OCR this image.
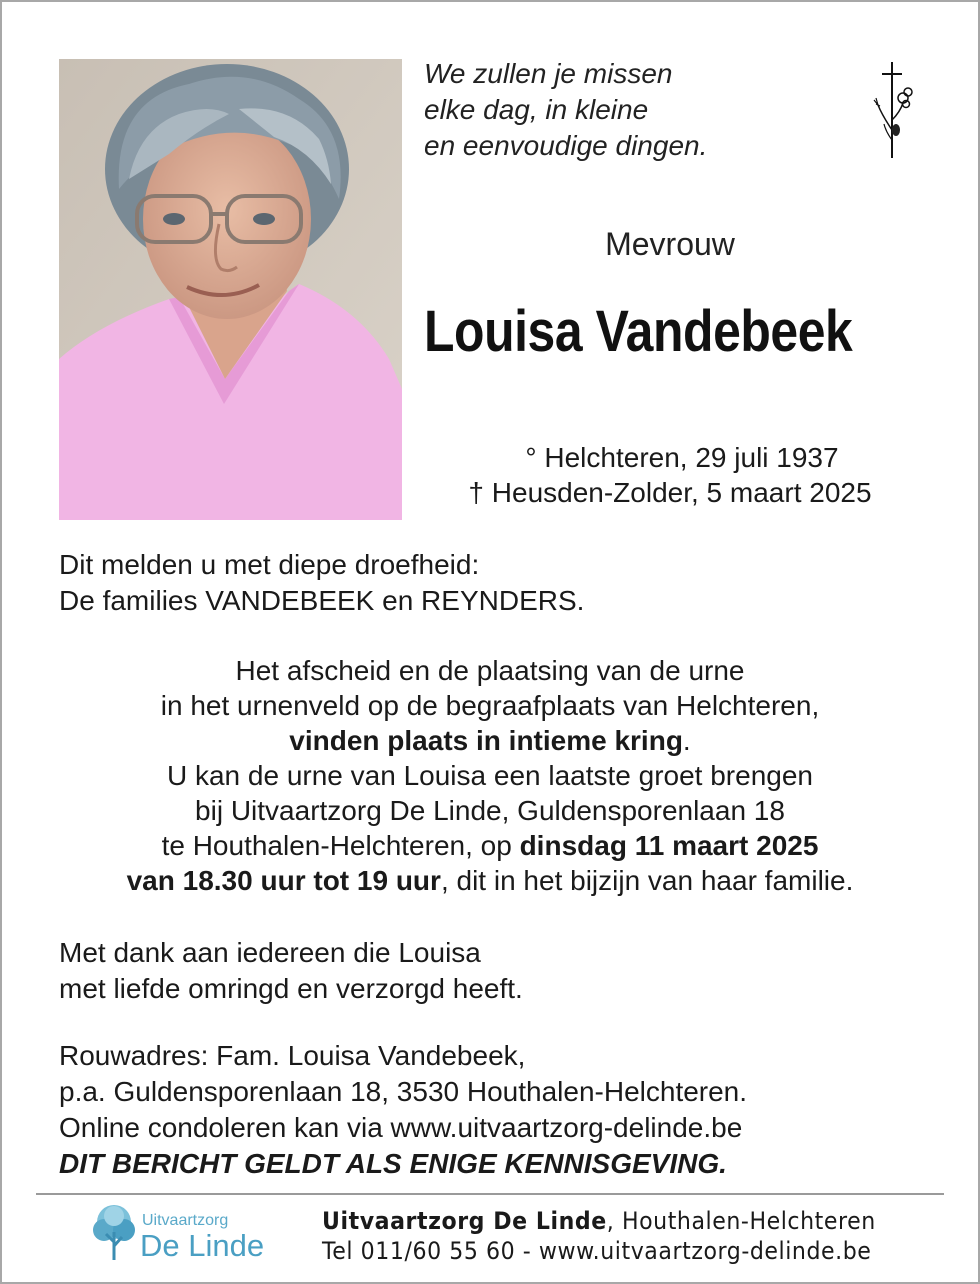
We zullen je missen
elke dag, in kleine
en eenvoudige dingen.
Mevrouw
Louisa Vandebeek
° Helchteren, 29 juli 1937
† Heusden-Zolder, 5 maart 2025
Dit melden u met diepe droefheid:
De families VANDEBEEK en REYNDERS.
Het afscheid en de plaatsing van de urne
in het urnenveld op de begraafplaats van Helchteren,
vinden plaats in intieme kring.
U kan de urne van Louisa een laatste groet brengen
bij Uitvaartzorg De Linde, Guldensporenlaan 18
te Houthalen-Helchteren, op dinsdag 11 maart 2025
van 18.30 uur tot 19 uur, dit in het bijzijn van haar familie.
Met dank aan iedereen die Louisa
met liefde omringd en verzorgd heeft.
Rouwadres: Fam. Louisa Vandebeek,
p.a. Guldensporenlaan 18, 3530 Houthalen-Helchteren.
Online condoleren kan via www.uitvaartzorg-delinde.be
DIT BERICHT GELDT ALS ENIGE KENNISGEVING.
Uitvaartzorg
De Linde
Uitvaartzorg De Linde, Houthalen-Helchteren
Tel 011/60 55 60 - www.uitvaartzorg-delinde.be
